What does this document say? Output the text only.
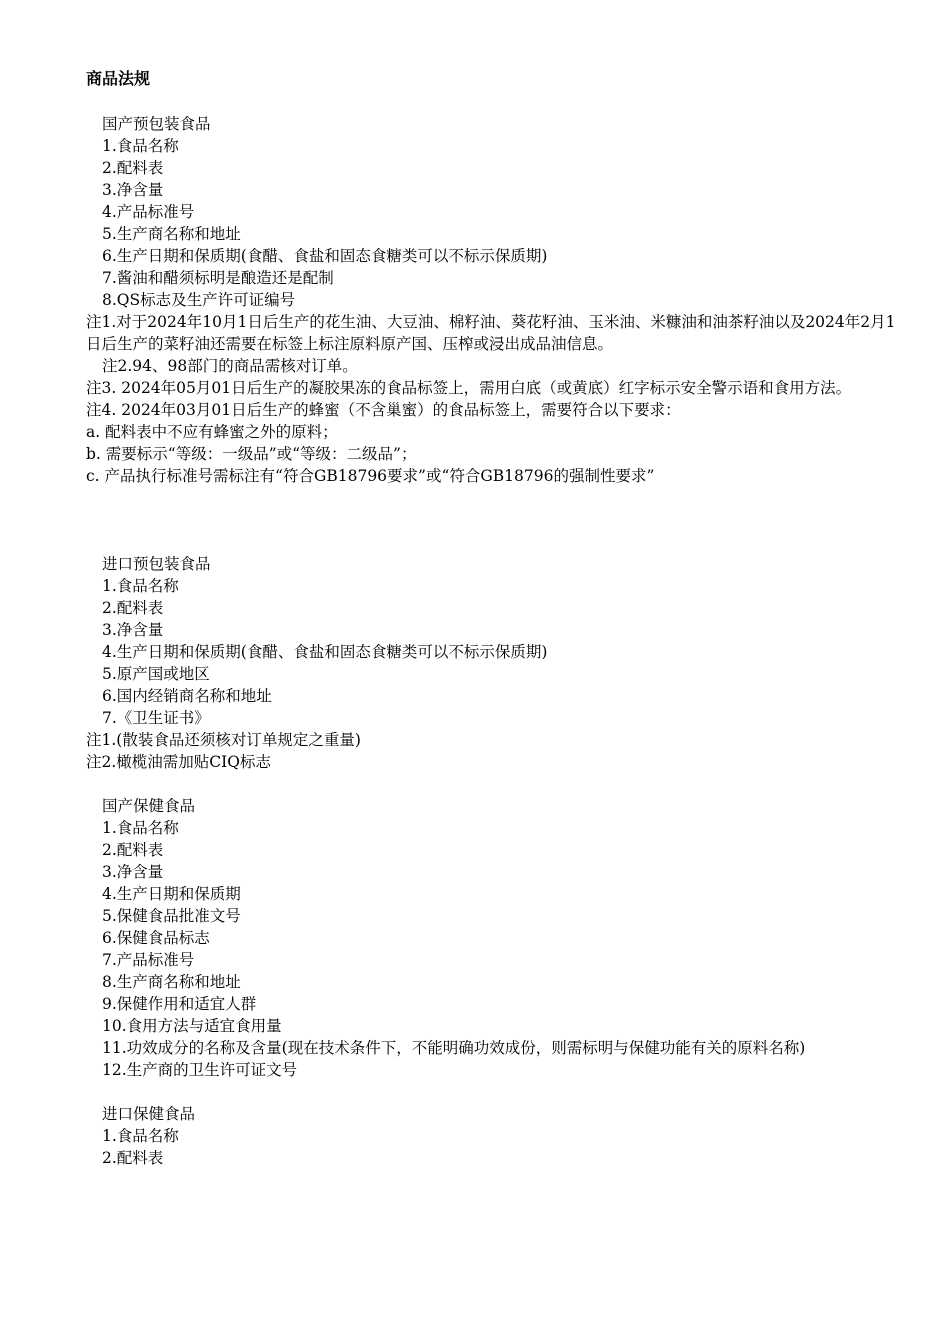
商品法规
国产预包装食品
1.食品名称
2.配料表
3.净含量
4.产品标准号
5.生产商名称和地址
6.生产日期和保质期(食醋、食盐和固态食糖类可以不标示保质期)
7.酱油和醋须标明是酿造还是配制
8.QS标志及生产许可证编号
注1.对于2024年10月1日后生产的花生油、大豆油、棉籽油、葵花籽油、玉米油、米糠油和油茶籽油以及2024年2月1日后生产的菜籽油还需要在标签上标注原料原产国、压榨或浸出成品油信息。
注2.94、98部门的商品需核对订单。
注3. 2024年05月01日后生产的凝胶果冻的食品标签上，需用白底（或黄底）红字标示安全警示语和食用方法。
注4. 2024年03月01日后生产的蜂蜜（不含巢蜜）的食品标签上，需要符合以下要求：
a. 配料表中不应有蜂蜜之外的原料；
b. 需要标示“等级：一级品”或“等级：二级品”；
c. 产品执行标准号需标注有“符合GB18796要求”或“符合GB18796的强制性要求”
进口预包装食品
1.食品名称
2.配料表
3.净含量
4.生产日期和保质期(食醋、食盐和固态食糖类可以不标示保质期)
5.原产国或地区
6.国内经销商名称和地址
7.《卫生证书》
注1.(散装食品还须核对订单规定之重量)
注2.橄榄油需加贴CIQ标志
国产保健食品
1.食品名称
2.配料表
3.净含量
4.生产日期和保质期
5.保健食品批准文号
6.保健食品标志
7.产品标准号
8.生产商名称和地址
9.保健作用和适宜人群
10.食用方法与适宜食用量
11.功效成分的名称及含量(现在技术条件下，不能明确功效成份，则需标明与保健功能有关的原料名称)
12.生产商的卫生许可证文号
进口保健食品
1.食品名称
2.配料表
